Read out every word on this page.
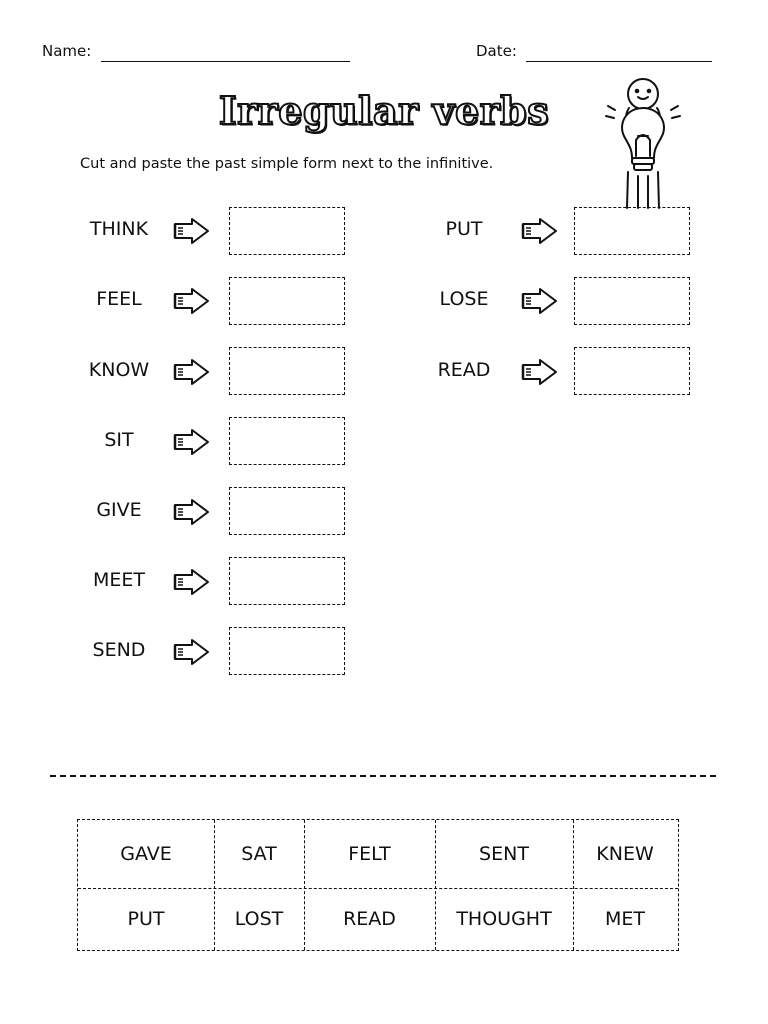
Name:	Date:
Irregular verbs
Cut and paste the past simple form next to the infinitive.
THINK
FEEL
KNOW
SIT
GIVE
MEET
SEND
PUT
LOSE
READ
GAVE	SAT	FELT	SENT	KNEW
PUT	LOST	READ	THOUGHT	MET
